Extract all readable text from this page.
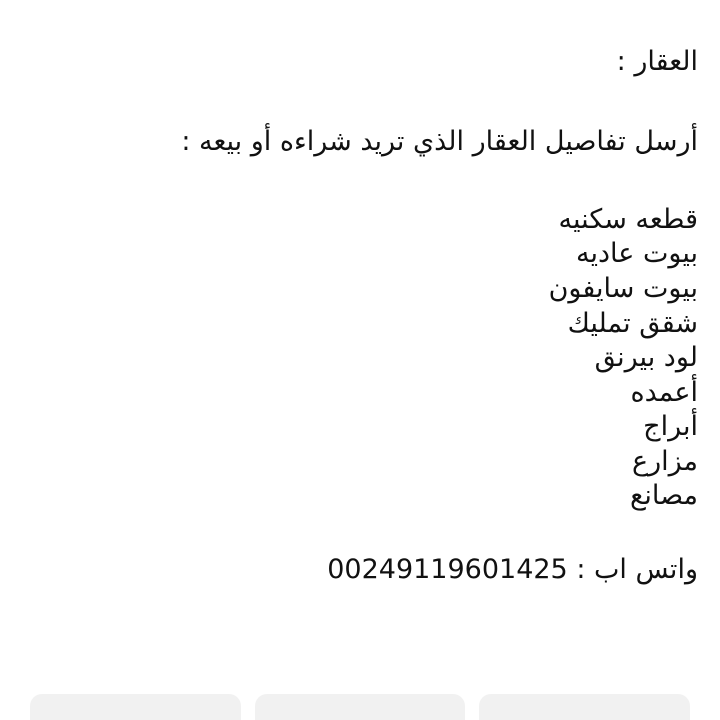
العقار :
أرسل تفاصيل العقار الذي تريد شراءه أو بيعه :
قطعه سكنيه
بيوت عاديه
بيوت سايفون
شقق تمليك
لود بيرنق
أعمده
أبراج
مزارع
مصانع
واتس اب : 00249119601425
